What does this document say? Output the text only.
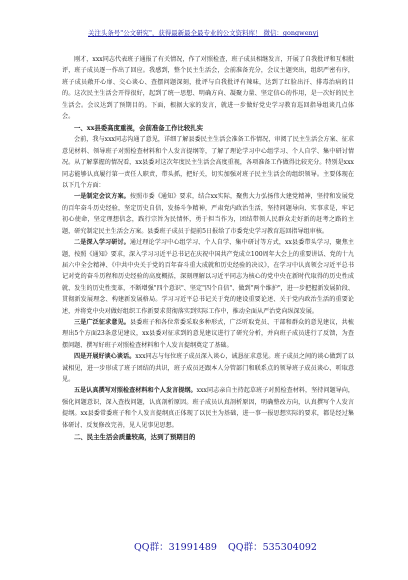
关注头条号"公文研究"，获得最新最全最专业的公文资料库！ 微信：gongwenyj

刚才，xxx同志代表班子通报了有关情况，作了对照检查，班子成员相继发言，开展了自我批评和互相批评，班子成员逐一作出了回应。我感到，整个民主生活会，会前准备充分，会议主题突出，组织严密有序，班子成员敞开心扉、交心谈心、查摆问题深刻，批评与自我批评有辣味，达到了红脸出汗、排毒治病的目的。这次民主生活会开得很好，起到了统一思想、明确方向、凝聚力量、坚定信心的作用，是一次好的民主生活会。会议达到了预期目的。下面，根据大家的发言，就进一步做好党史学习教育巡回指导组谈几点体会。

一、xx县委高度重视，会前准备工作比较扎实

会前，我与xxx同志沟通了意见，详细了解县委民主生活会准备工作情况，审阅了民主生活会方案、征求意见材料、领导班子对照检查材料和个人发言提纲等，了解了理论学习中心组学习、个人自学、集中研讨情况。从了解掌握的情况看，xx县委对这次年度民主生活会高度重视，各项准备工作做得比较充分。特别是xxx同志能够认真履行第一责任人职责，带头抓，把好关，切实加强对班子民主生活会的组织领导。主要体现在以下几个方面：

一是制定会议方案。按照市委《通知》要求，结合xx实际，聚焦大力弘扬伟大建党精神，坚持和发展党的百年奋斗历史经验，坚定历史自信，发扬斗争精神，严肃党内政治生活，坚持问题导向、实事求是，牢记初心使命，坚定理想信念，践行宗旨为民情怀，勇于担当作为，团结带领人民群众走好新的赶考之路的主题，研究制定民主生活会方案。县委班子成员于提前5日报给了市委党史学习教育巡回指导组审核。

二是深入学习研讨。通过理论学习中心组学习、个人自学、集中研讨等方式，xx县委带头学习，聚焦主题，按照《通知》要求，深入学习习近平总书记在庆祝中国共产党成立100周年大会上的重要讲话、党的十九届六中全会精神、《中共中央关于党的百年奋斗重大成就和历史经验的决议》，在学习中认真领会习近平总书记对党的奋斗历程和历史经验的高度概括，深刻理解以习近平同志为核心的党中央在新时代取得的历史性成就、发生的历史性变革，不断增强"四个意识"、坚定"四个自信"、做到"两个维护"，进一步把握新发展阶段、贯彻新发展理念、构建新发展格局。学习习近平总书记关于党的建设重要论述、关于党内政治生活的重要论述，并将党中央对做好组织工作新要求贯彻落实到实际工作中，推动全面从严治党向纵深发展。

三是广泛征求意见。县委班子和各位常委采取多种形式，广泛听取党员、干部和群众的意见建议，共梳理出5个方面23条意见建议，xx县委对征求到的意见建议进行了研究分析，并向班子成员进行了反馈，为查摆问题、撰写好班子对照检查材料和个人发言提纲奠定了基础。

四是开展好谈心谈话。xxx同志与每位班子成员深入谈心，诚恳征求意见。班子成员之间的谈心做到了以诚相见，进一步形成了班子团结的共识，班子成员还跟本人分管部门和联系点的领导班子成员谈心、听取意见。

五是认真撰写对照检查材料和个人发言提纲。xxx同志亲自主持起草班子对照检查材料，坚持问题导向，强化问题意识，深入查找问题，认真剖析原因。班子成员认真剖析原因，明确整改方向，认真撰写个人发言提纲。xx县委常委班子和个人发言提纲真正体现了以民主为基础，进一事一报思想实际的要求，都是经过集体研讨、反复修改完善，见人见事见思想。

二、民主生活会质量较高，达到了预期目的
QQ群：31991489 QQ群：535304092
